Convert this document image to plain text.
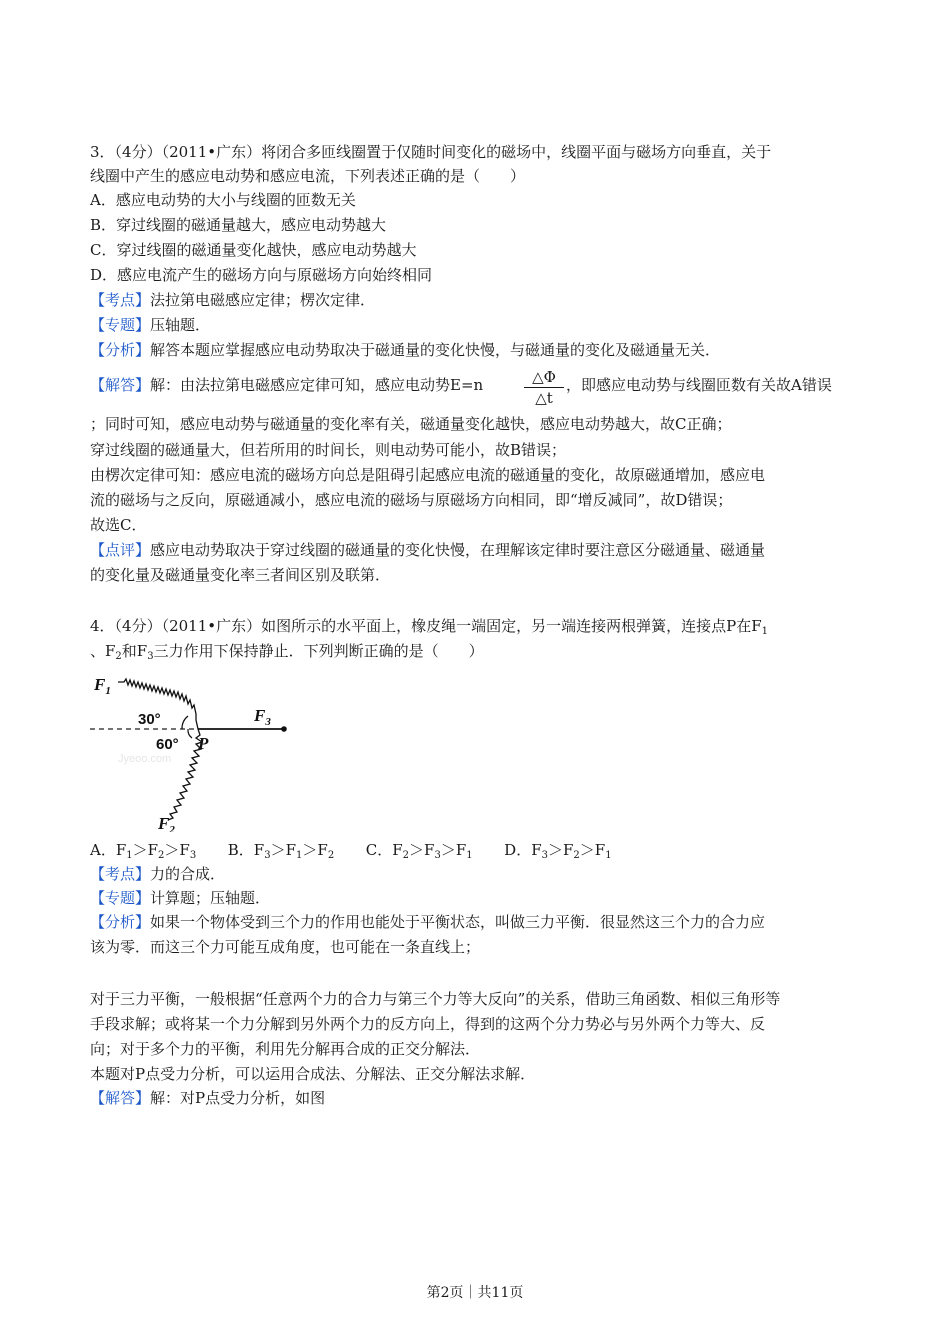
3．（4分）（2011•广东）将闭合多匝线圈置于仅随时间变化的磁场中，线圈平面与磁场方向垂直，关于
线圈中产生的感应电动势和感应电流，下列表述正确的是（　　）
A．感应电动势的大小与线圈的匝数无关
B．穿过线圈的磁通量越大，感应电动势越大
C．穿过线圈的磁通量变化越快，感应电动势越大
D．感应电流产生的磁场方向与原磁场方向始终相同
【考点】法拉第电磁感应定律；楞次定律．
【专题】压轴题．
【分析】解答本题应掌握感应电动势取决于磁通量的变化快慢，与磁通量的变化及磁通量无关．
【解答】解：由法拉第电磁感应定律可知，感应电动势E=n	△Φ
△t
，即感应电动势与线圈匝数有关故A错误
；同时可知，感应电动势与磁通量的变化率有关，磁通量变化越快，感应电动势越大，故C正确；
穿过线圈的磁通量大，但若所用的时间长，则电动势可能小，故B错误；
由楞次定律可知：感应电流的磁场方向总是阻碍引起感应电流的磁通量的变化，故原磁通增加，感应电
流的磁场与之反向，原磁通减小，感应电流的磁场与原磁场方向相同，即“增反减同”，故D错误；
故选C．
【点评】感应电动势取决于穿过线圈的磁通量的变化快慢，在理解该定律时要注意区分磁通量、磁通量
的变化量及磁通量变化率三者间区别及联第．
4．（4分）（2011•广东）如图所示的水平面上，橡皮绳一端固定，另一端连接两根弹簧，连接点P在$F_1$
、$F_2$和$F_3$三力作用下保持静止．下列判断正确的是（　　）
$F_1$
30°
60° P
$F_3$
$F_2$
Jyeoo.com
A．$F_1>F_2>F_3$ B．$F_3>F_1>F_2$ C．$F_2>F_3>F_1$ D．$F_3>F_2>F_1$
【考点】力的合成．
【专题】计算题；压轴题．
【分析】如果一个物体受到三个力的作用也能处于平衡状态，叫做三力平衡．很显然这三个力的合力应
该为零．而这三个力可能互成角度，也可能在一条直线上；
对于三力平衡，一般根据“任意两个力的合力与第三个力等大反向”的关系，借助三角函数、相似三角形等
手段求解；或将某一个力分解到另外两个力的反方向上，得到的这两个分力势必与另外两个力等大、反
向；对于多个力的平衡，利用先分解再合成的正交分解法．
本题对P点受力分析，可以运用合成法、分解法、正交分解法求解．
【解答】解：对P点受力分析，如图
第2页｜共11页
